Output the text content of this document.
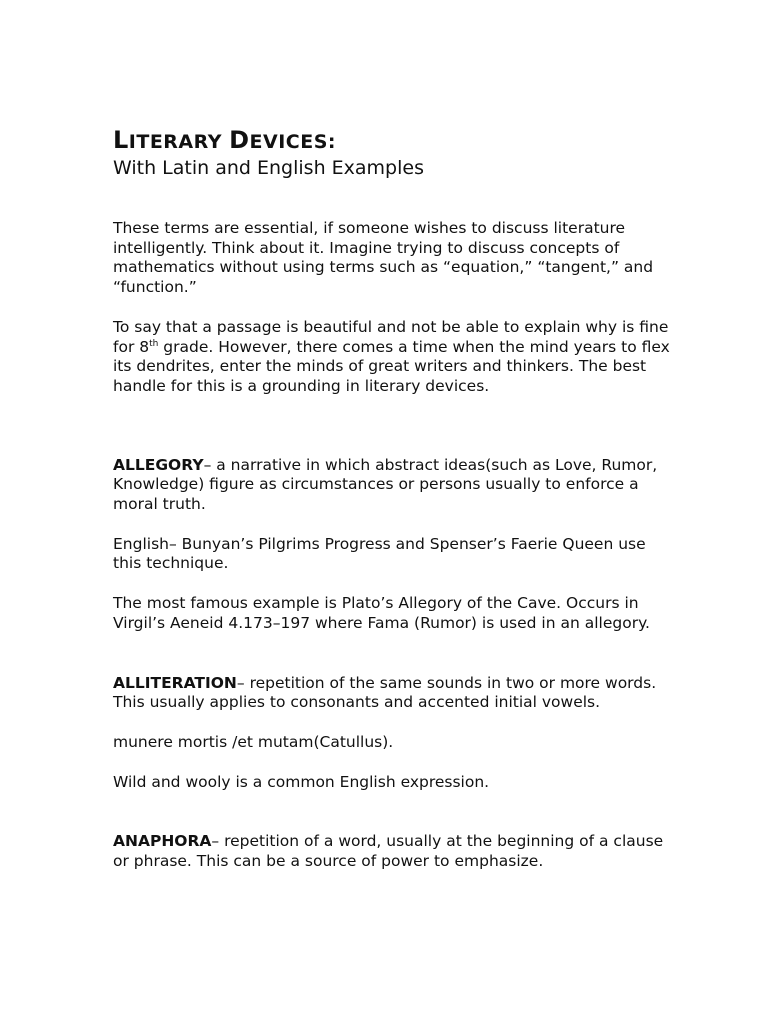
LITERARY DEVICES:
With Latin and English Examples

These terms are essential, if someone wishes to discuss literature intelligently. Think about it. Imagine trying to discuss concepts of mathematics without using terms such as “equation,” “tangent,” and “function.”

To say that a passage is beautiful and not be able to explain why is fine for 8th grade. However, there comes a time when the mind years to flex its dendrites, enter the minds of great writers and thinkers. The best handle for this is a grounding in literary devices.

ALLEGORY– a narrative in which abstract ideas(such as Love, Rumor, Knowledge) figure as circumstances or persons usually to enforce a moral truth.

English– Bunyan’s Pilgrims Progress and Spenser’s Faerie Queen use this technique.

The most famous example is Plato’s Allegory of the Cave. Occurs in Virgil’s Aeneid 4.173–197 where Fama (Rumor) is used in an allegory.

ALLITERATION– repetition of the same sounds in two or more words. This usually applies to consonants and accented initial vowels.

munere mortis /et mutam(Catullus).

Wild and wooly is a common English expression.

ANAPHORA– repetition of a word, usually at the beginning of a clause or phrase. This can be a source of power to emphasize.
